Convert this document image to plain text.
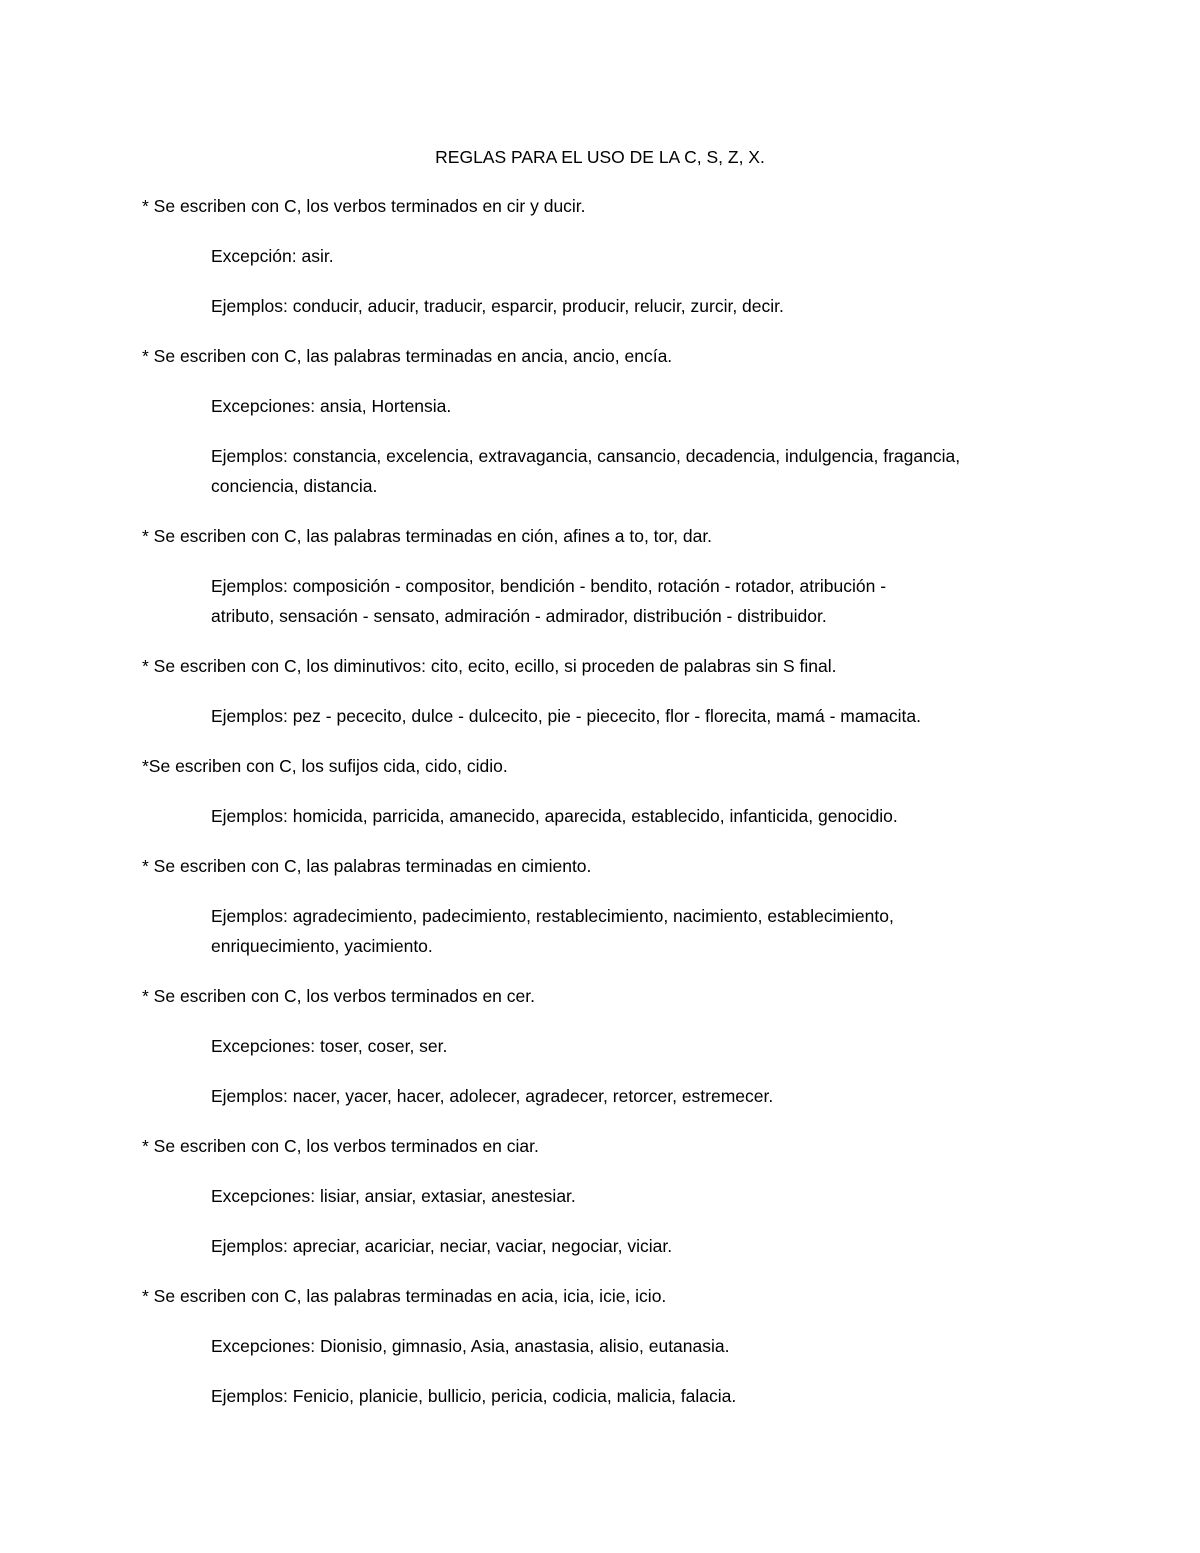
REGLAS PARA EL USO DE LA C, S, Z, X.
* Se escriben con C, los verbos terminados en cir y ducir.
Excepción: asir.
Ejemplos: conducir, aducir, traducir, esparcir, producir, relucir, zurcir, decir.
* Se escriben con C, las palabras terminadas en ancia, ancio, encía.
Excepciones: ansia, Hortensia.
Ejemplos: constancia, excelencia, extravagancia, cansancio, decadencia, indulgencia, fragancia,
conciencia, distancia.
* Se escriben con C, las palabras terminadas en ción, afines a to, tor, dar.
Ejemplos: composición - compositor, bendición - bendito, rotación - rotador, atribución -
atributo, sensación - sensato, admiración - admirador, distribución - distribuidor.
* Se escriben con C, los diminutivos: cito, ecito, ecillo, si proceden de palabras sin S final.
Ejemplos: pez - pececito, dulce - dulcecito, pie - piececito, flor - florecita, mamá - mamacita.
*Se escriben con C, los sufijos cida, cido, cidio.
Ejemplos: homicida, parricida, amanecido, aparecida, establecido, infanticida, genocidio.
* Se escriben con C, las palabras terminadas en cimiento.
Ejemplos: agradecimiento, padecimiento, restablecimiento, nacimiento, establecimiento,
enriquecimiento, yacimiento.
* Se escriben con C, los verbos terminados en cer.
Excepciones: toser, coser, ser.
Ejemplos: nacer, yacer, hacer, adolecer, agradecer, retorcer, estremecer.
* Se escriben con C, los verbos terminados en ciar.
Excepciones: lisiar, ansiar, extasiar, anestesiar.
Ejemplos: apreciar, acariciar, neciar, vaciar, negociar, viciar.
* Se escriben con C, las palabras terminadas en acia, icia, icie, icio.
Excepciones: Dionisio, gimnasio, Asia, anastasia, alisio, eutanasia.
Ejemplos: Fenicio, planicie, bullicio, pericia, codicia, malicia, falacia.
